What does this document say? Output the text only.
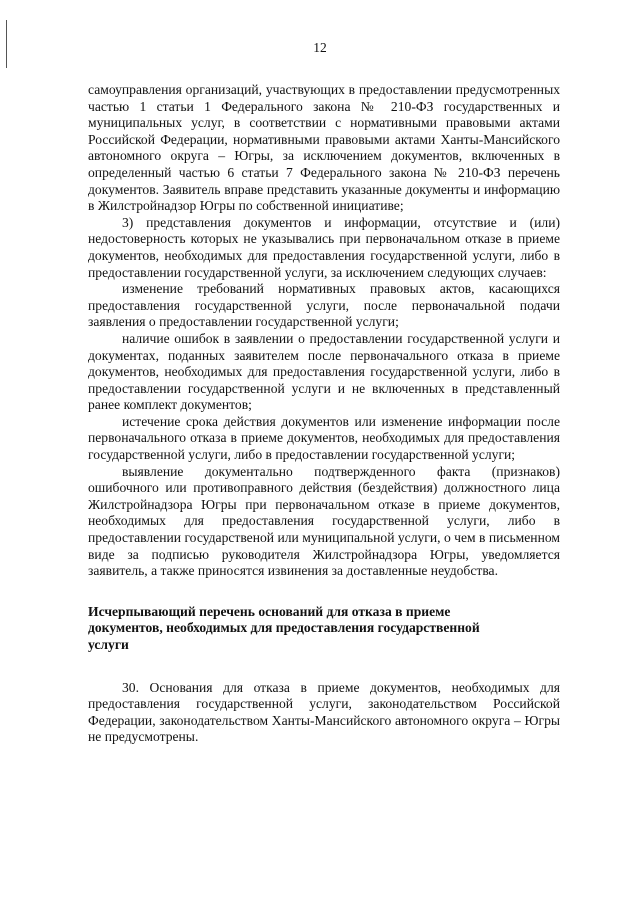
12

самоуправления организаций, участвующих в предоставлении предусмотренных частью 1 статьи 1 Федерального закона № 210-ФЗ государственных и муниципальных услуг, в соответствии с нормативными правовыми актами Российской Федерации, нормативными правовыми актами Ханты-Мансийского автономного округа – Югры, за исключением документов, включенных в определенный частью 6 статьи 7 Федерального закона № 210-ФЗ перечень документов. Заявитель вправе представить указанные документы и информацию в Жилстройнадзор Югры по собственной инициативе;

3) представления документов и информации, отсутствие и (или) недостоверность которых не указывались при первоначальном отказе в приеме документов, необходимых для предоставления государственной услуги, либо в предоставлении государственной услуги, за исключением следующих случаев:

изменение требований нормативных правовых актов, касающихся предоставления государственной услуги, после первоначальной подачи заявления о предоставлении государственной услуги;

наличие ошибок в заявлении о предоставлении государственной услуги и документах, поданных заявителем после первоначального отказа в приеме документов, необходимых для предоставления государственной услуги, либо в предоставлении государственной услуги и не включенных в представленный ранее комплект документов;

истечение срока действия документов или изменение информации после первоначального отказа в приеме документов, необходимых для предоставления государственной услуги, либо в предоставлении государственной услуги;

выявление документально подтвержденного факта (признаков) ошибочного или противоправного действия (бездействия) должностного лица Жилстройнадзора Югры при первоначальном отказе в приеме документов, необходимых для предоставления государственной услуги, либо в предоставлении государственой или муниципальной услуги, о чем в письменном виде за подписью руководителя Жилстройнадзора Югры, уведомляется заявитель, а также приносятся извинения за доставленные неудобства.

Исчерпывающий перечень оснований для отказа в приеме

документов, необходимых для предоставления государственной

услуги

30. Основания для отказа в приеме документов, необходимых для предоставления государственной услуги, законодательством Российской Федерации, законодательством Ханты-Мансийского автономного округа – Югры не предусмотрены.
